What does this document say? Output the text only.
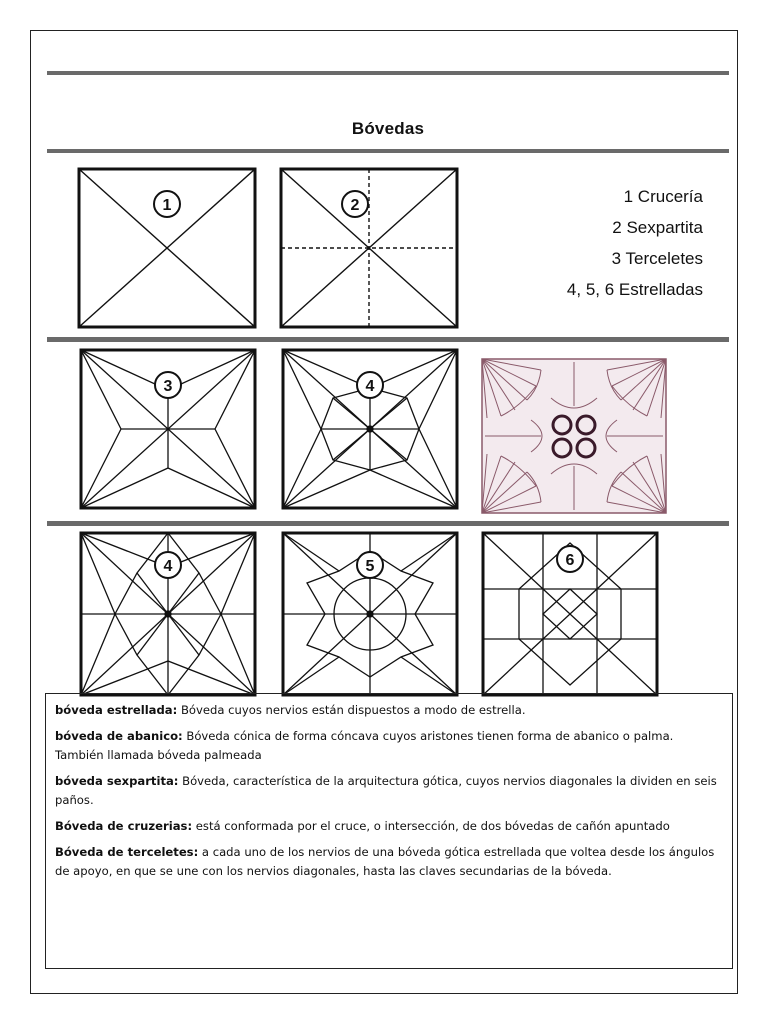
Bóvedas
1 Crucería
2 Sexpartita
3 Terceletes
4, 5, 6 Estrelladas
1	2
3	4
4	5	6

bóveda estrellada: Bóveda cuyos nervios están dispuestos a modo de estrella.

bóveda de abanico: Bóveda cónica de forma cóncava cuyos aristones tienen forma de abanico o palma. También llamada bóveda palmeada

bóveda sexpartita: Bóveda, característica de la arquitectura gótica, cuyos nervios diagonales la dividen en seis paños.

Bóveda de cruzerias: está conformada por el cruce, o intersección, de dos bóvedas de cañón apuntado

Bóveda de terceletes: a cada uno de los nervios de una bóveda gótica estrellada que voltea desde los ángulos de apoyo, en que se une con los nervios diagonales, hasta las claves secundarias de la bóveda.
